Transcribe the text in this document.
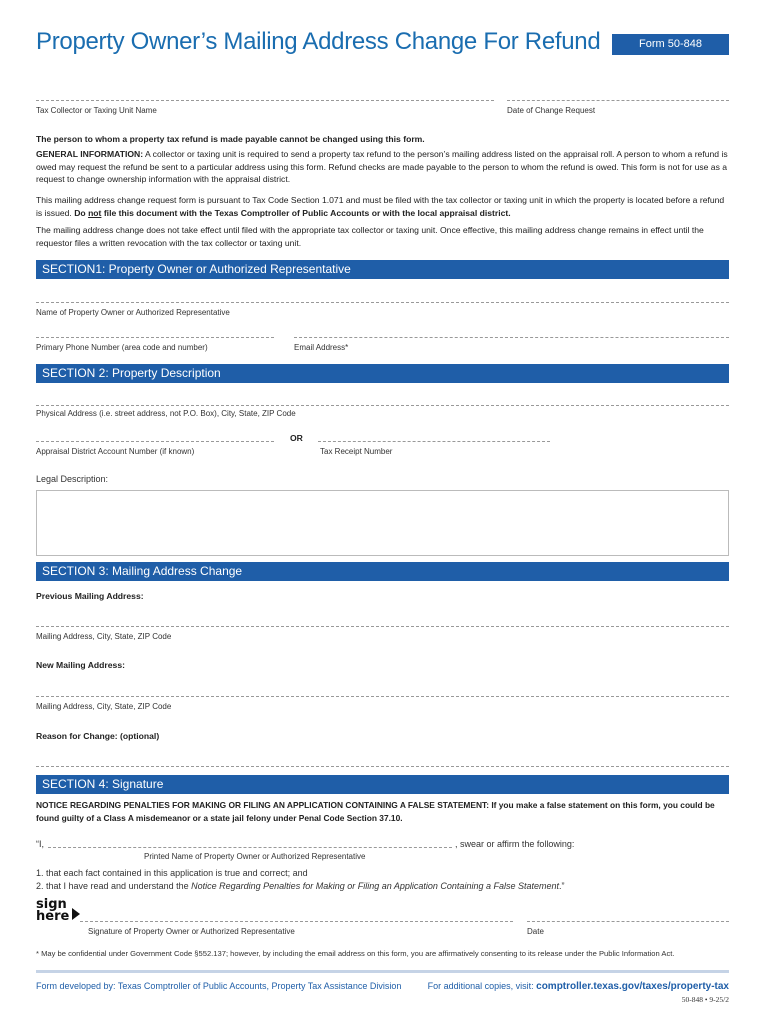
Property Owner’s Mailing Address Change For Refund	Form 50-848
Tax Collector or Taxing Unit Name	Date of Change Request
The person to whom a property tax refund is made payable cannot be changed using this form.
GENERAL INFORMATION: A collector or taxing unit is required to send a property tax refund to the person’s mailing address listed on the appraisal roll. A person to whom a refund is owed may request the refund be sent to a particular address using this form. Refund checks are made payable to the person to whom the refund is owed. This form is not for use as a request to change ownership information with the appraisal district.
This mailing address change request form is pursuant to Tax Code Section 1.071 and must be filed with the tax collector or taxing unit in which the property is located before a refund is issued. Do not file this document with the Texas Comptroller of Public Accounts or with the local appraisal district.
The mailing address change does not take effect until filed with the appropriate tax collector or taxing unit. Once effective, this mailing address change remains in effect until the requestor files a written revocation with the tax collector or taxing unit.
SECTION1: Property Owner or Authorized Representative
Name of Property Owner or Authorized Representative
Primary Phone Number (area code and number)	Email Address*
SECTION 2: Property Description
Physical Address (i.e. street address, not P.O. Box), City, State, ZIP Code
Appraisal District Account Number (if known)
OR
Tax Receipt Number
Legal Description:
SECTION 3: Mailing Address Change
Previous Mailing Address:
Mailing Address, City, State, ZIP Code
New Mailing Address:
Mailing Address, City, State, ZIP Code
Reason for Change: (optional)
SECTION 4: Signature
NOTICE REGARDING PENALTIES FOR MAKING OR FILING AN APPLICATION CONTAINING A FALSE STATEMENT: If you make a false statement on this form, you could be found guilty of a Class A misdemeanor or a state jail felony under Penal Code Section 37.10.
“I,	, swear or affirm the following:
Printed Name of Property Owner or Authorized Representative
1. that each fact contained in this application is true and correct; and
2. that I have read and understand the Notice Regarding Penalties for Making or Filing an Application Containing a False Statement.”
sign
here
Signature of Property Owner or Authorized Representative	Date
* May be confidential under Government Code §552.137; however, by including the email address on this form, you are affirmatively consenting to its release under the Public Information Act.
Form developed by: Texas Comptroller of Public Accounts, Property Tax Assistance Division	For additional copies, visit: comptroller.texas.gov/taxes/property-tax
50-848 • 9-25/2
